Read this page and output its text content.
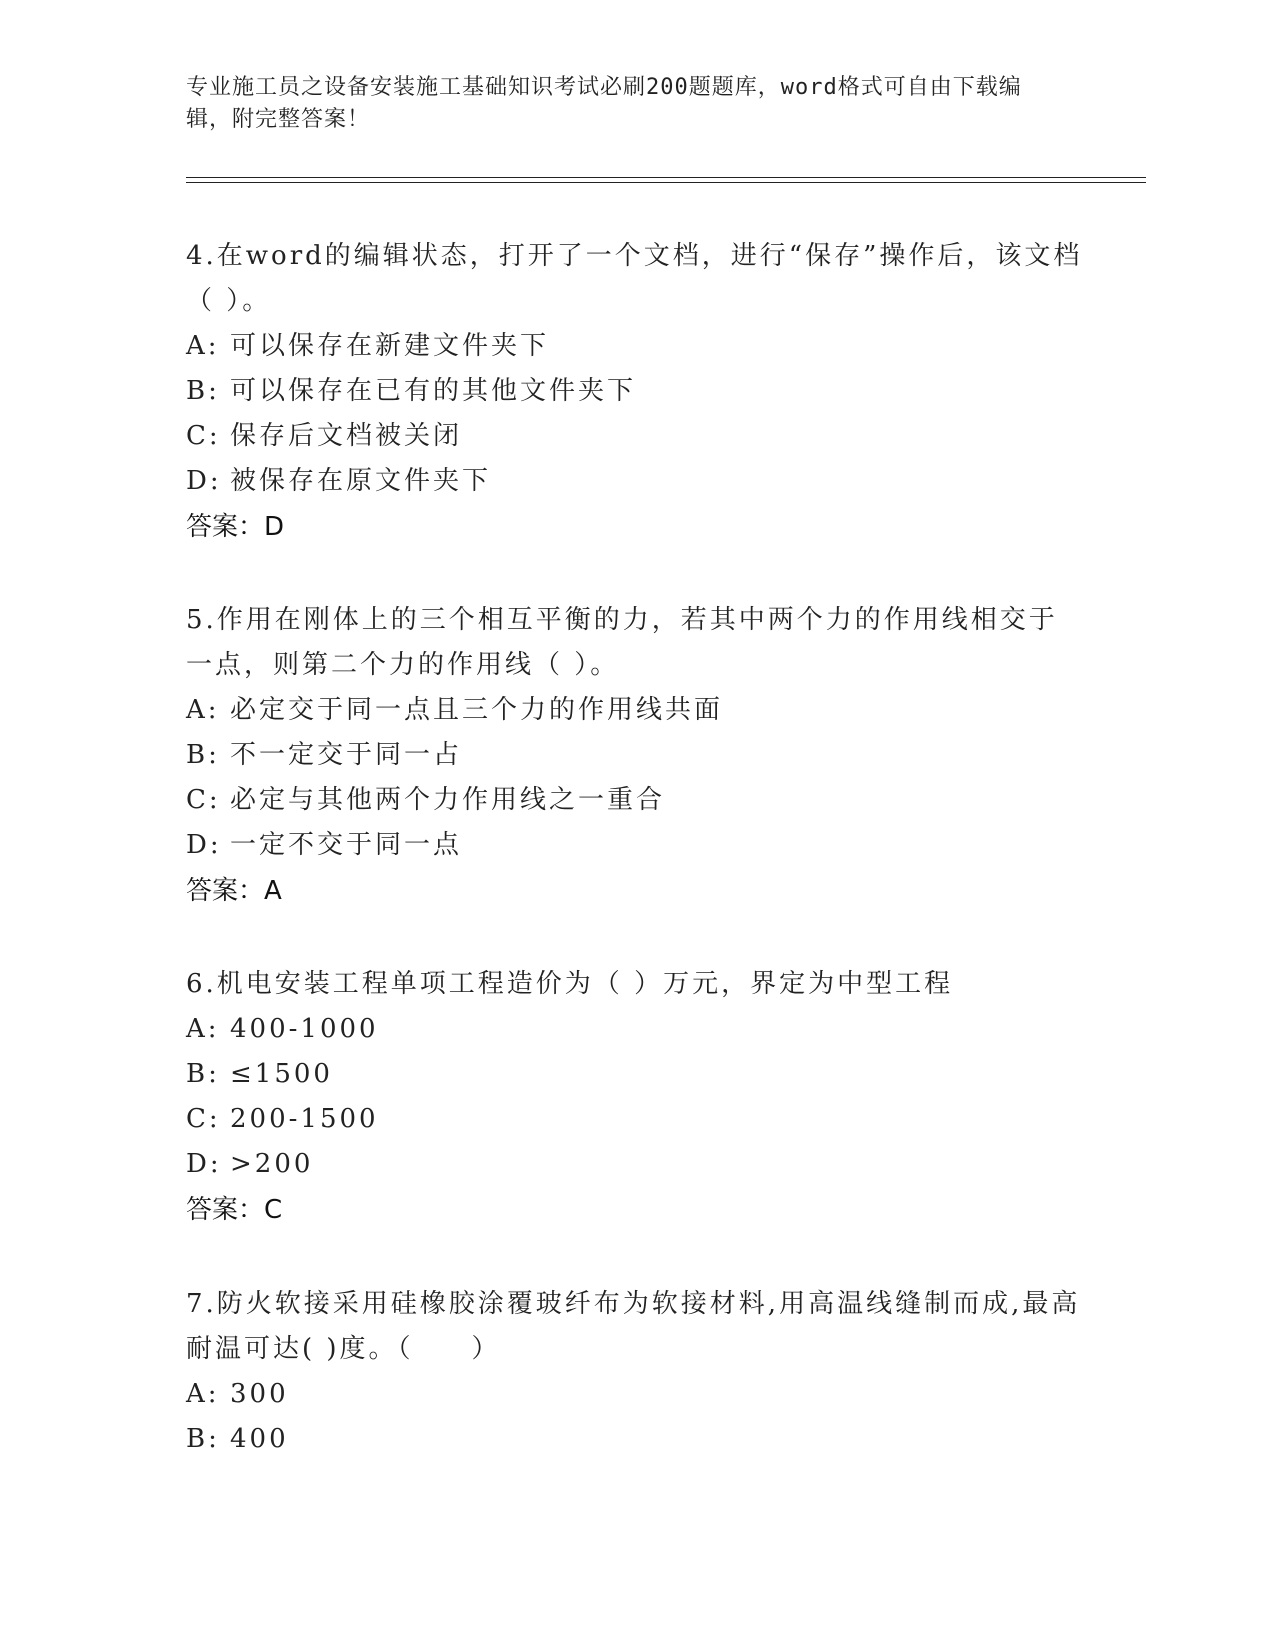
专业施工员之设备安装施工基础知识考试必刷200题题库，word格式可自由下载编辑，附完整答案！

4.在word的编辑状态，打开了一个文档，进行“保存”操作后，该文档（ ）。

A: 可以保存在新建文件夹下

B: 可以保存在已有的其他文件夹下

C: 保存后文档被关闭

D: 被保存在原文件夹下

答案：D

5.作用在刚体上的三个相互平衡的力，若其中两个力的作用线相交于一点，则第二个力的作用线（ ）。

A: 必定交于同一点且三个力的作用线共面

B: 不一定交于同一占

C: 必定与其他两个力作用线之一重合

D: 一定不交于同一点

答案：A

6.机电安装工程单项工程造价为（ ）万元，界定为中型工程

A: 400-1000

B: ≤1500

C: 200-1500

D: >200

答案：C

7.防火软接采用硅橡胶涂覆玻纤布为软接材料,用高温线缝制而成,最高耐温可达( )度。（　　）

A: 300

B: 400
